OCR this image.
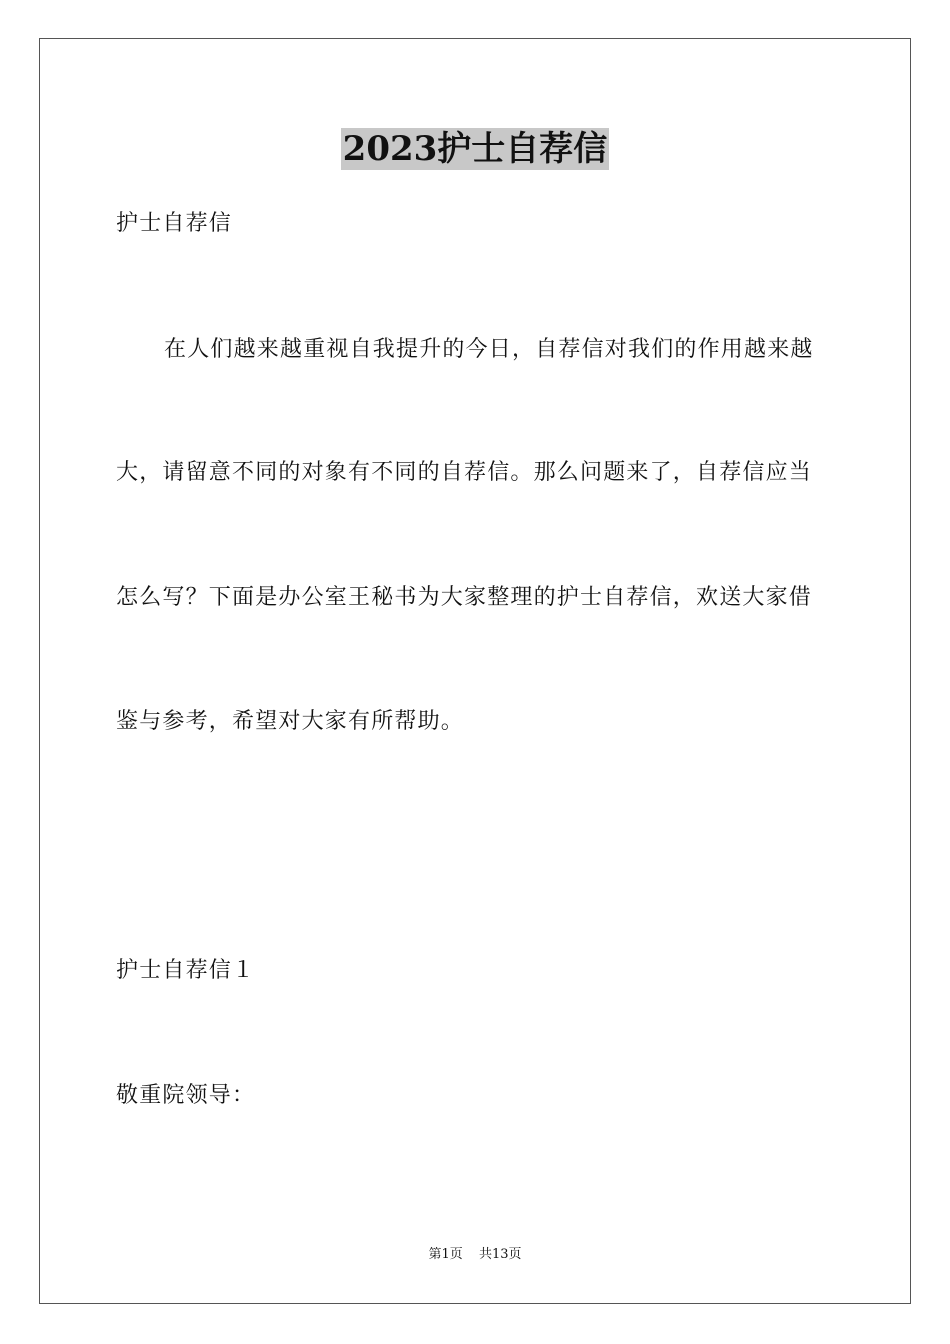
2023护士自荐信
护士自荐信
在人们越来越重视自我提升的今日，自荐信对我们的作用越来越
大，请留意不同的对象有不同的自荐信。那么问题来了，自荐信应当
怎么写？下面是办公室王秘书为大家整理的护士自荐信，欢送大家借
鉴与参考，希望对大家有所帮助。
护士自荐信１
敬重院领导：
第1页 共13页
